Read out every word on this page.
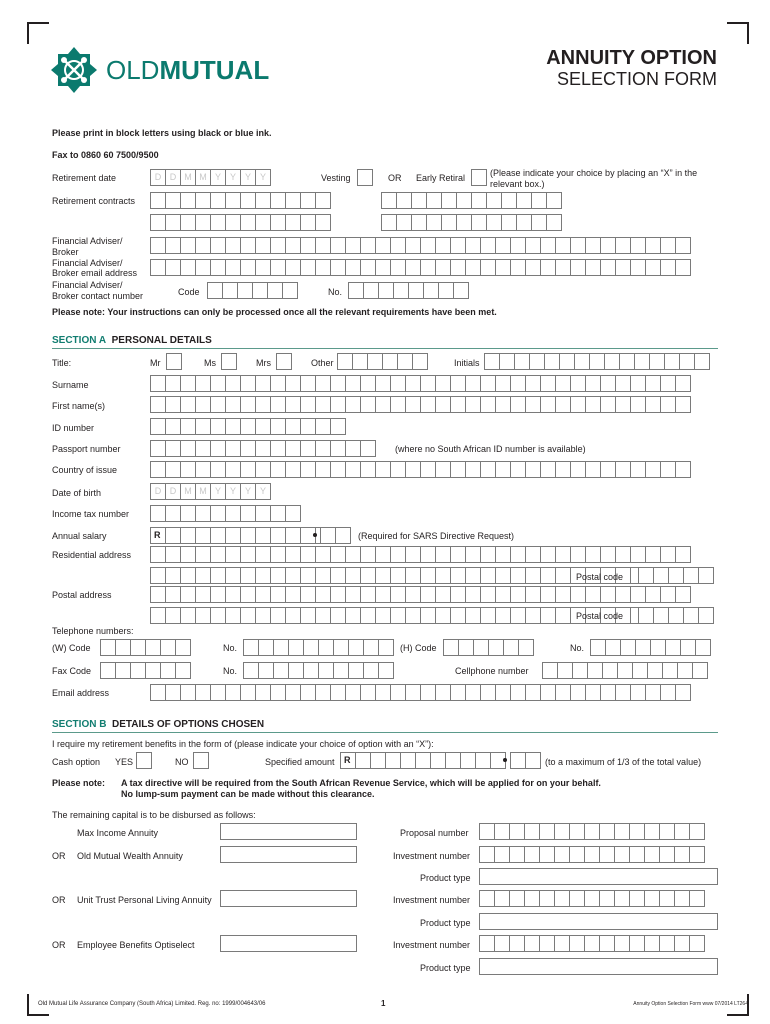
OLDMUTUAL	ANNUITY OPTION
SELECTION FORM
Please print in block letters using black or blue ink.
Fax to 0860 60 7500/9500
Retirement date	D D M M Y Y Y Y	Vesting	OR Early Retiral	(Please indicate your choice by placing an “X” in the
relevant box.)
Retirement contracts
Financial Adviser/
Broker
Financial Adviser/
Broker email address
Financial Adviser/
Broker contact number	Code	No.
Please note: Your instructions can only be processed once all the relevant requirements have been met.
SECTION A PERSONAL DETAILS
Title:	Mr	Ms	Mrs	Other	Initials
Surname
First name(s)
ID number
Passport number	(where no South African ID number is available)
Country of issue
Date of birth	D D M M Y Y Y Y
Income tax number
Annual salary	R	(Required for SARS Directive Request)
Residential address
Postal code
Postal address
Postal code
Telephone numbers:
(W) Code	No.	(H) Code	No.
Fax Code	No.	Cellphone number
Email address
SECTION B DETAILS OF OPTIONS CHOSEN
I require my retirement benefits in the form of (please indicate your choice of option with an “X”):
Cash option YES	NO	Specified amount	R	(to a maximum of 1/3 of the total value)
Please note: A tax directive will be required from the South African Revenue Service, which will be applied for on your behalf.
No lump-sum payment can be made without this clearance.
The remaining capital is to be disbursed as follows:
Max Income Annuity	Proposal number
OR Old Mutual Wealth Annuity	Investment number
Product type
OR Unit Trust Personal Living Annuity	Investment number
Product type
OR Employee Benefits Optiselect	Investment number
Product type
Old Mutual Life Assurance Company (South Africa) Limited. Reg. no: 1999/004643/06	1	Annuity Option Selection Form www 07/2014 LT264
